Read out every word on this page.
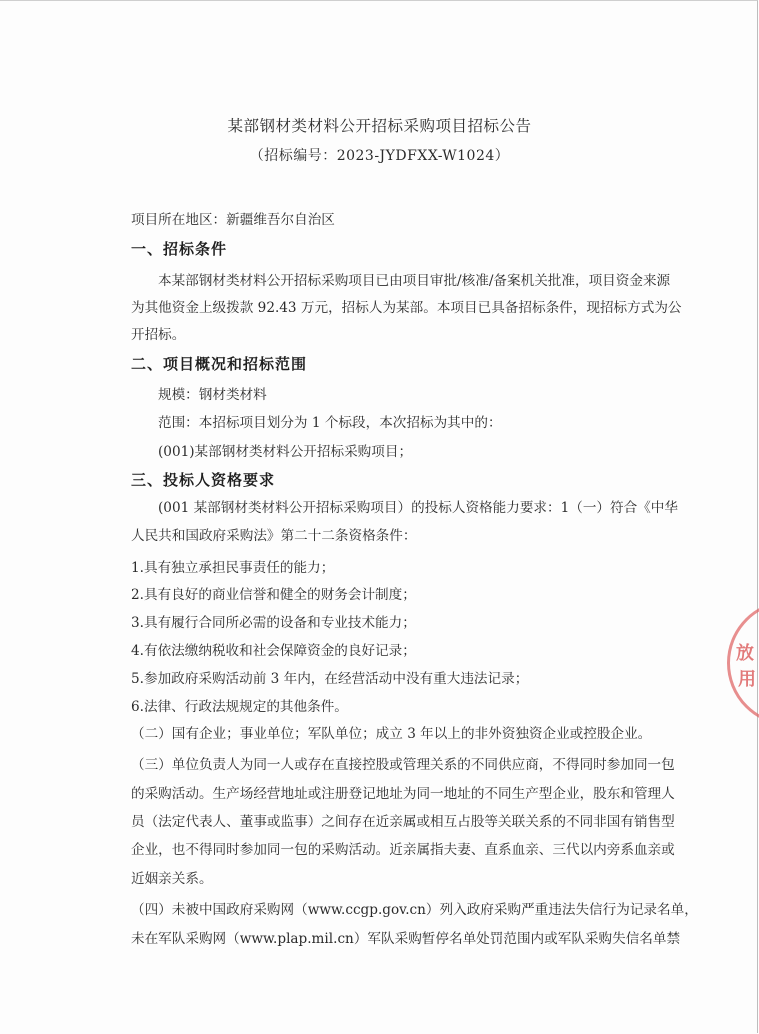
某部钢材类材料公开招标采购项目招标公告
（招标编号：2023-JYDFXX-W1024）
项目所在地区：新疆维吾尔自治区
一、招标条件
本某部钢材类材料公开招标采购项目已由项目审批/核准/备案机关批准，项目资金来源
为其他资金上级拨款 92.43 万元，招标人为某部。本项目已具备招标条件，现招标方式为公
开招标。
二、项目概况和招标范围
规模：钢材类材料
范围：本招标项目划分为 1 个标段，本次招标为其中的：
(001)某部钢材类材料公开招标采购项目；
三、投标人资格要求
(001 某部钢材类材料公开招标采购项目）的投标人资格能力要求：1（一）符合《中华
人民共和国政府采购法》第二十二条资格条件：
1.具有独立承担民事责任的能力；
2.具有良好的商业信誉和健全的财务会计制度；
3.具有履行合同所必需的设备和专业技术能力；
4.有依法缴纳税收和社会保障资金的良好记录；
5.参加政府采购活动前 3 年内，在经营活动中没有重大违法记录；
6.法律、行政法规规定的其他条件。
（二）国有企业；事业单位；军队单位；成立 3 年以上的非外资独资企业或控股企业。
（三）单位负责人为同一人或存在直接控股或管理关系的不同供应商，不得同时参加同一包
的采购活动。生产场经营地址或注册登记地址为同一地址的不同生产型企业，股东和管理人
员（法定代表人、董事或监事）之间存在近亲属或相互占股等关联关系的不同非国有销售型
企业，也不得同时参加同一包的采购活动。近亲属指夫妻、直系血亲、三代以内旁系血亲或
近姻亲关系。
（四）未被中国政府采购网（www.ccgp.gov.cn）列入政府采购严重违法失信行为记录名单，
未在军队采购网（www.plap.mil.cn）军队采购暂停名单处罚范围内或军队采购失信名单禁
放
用
